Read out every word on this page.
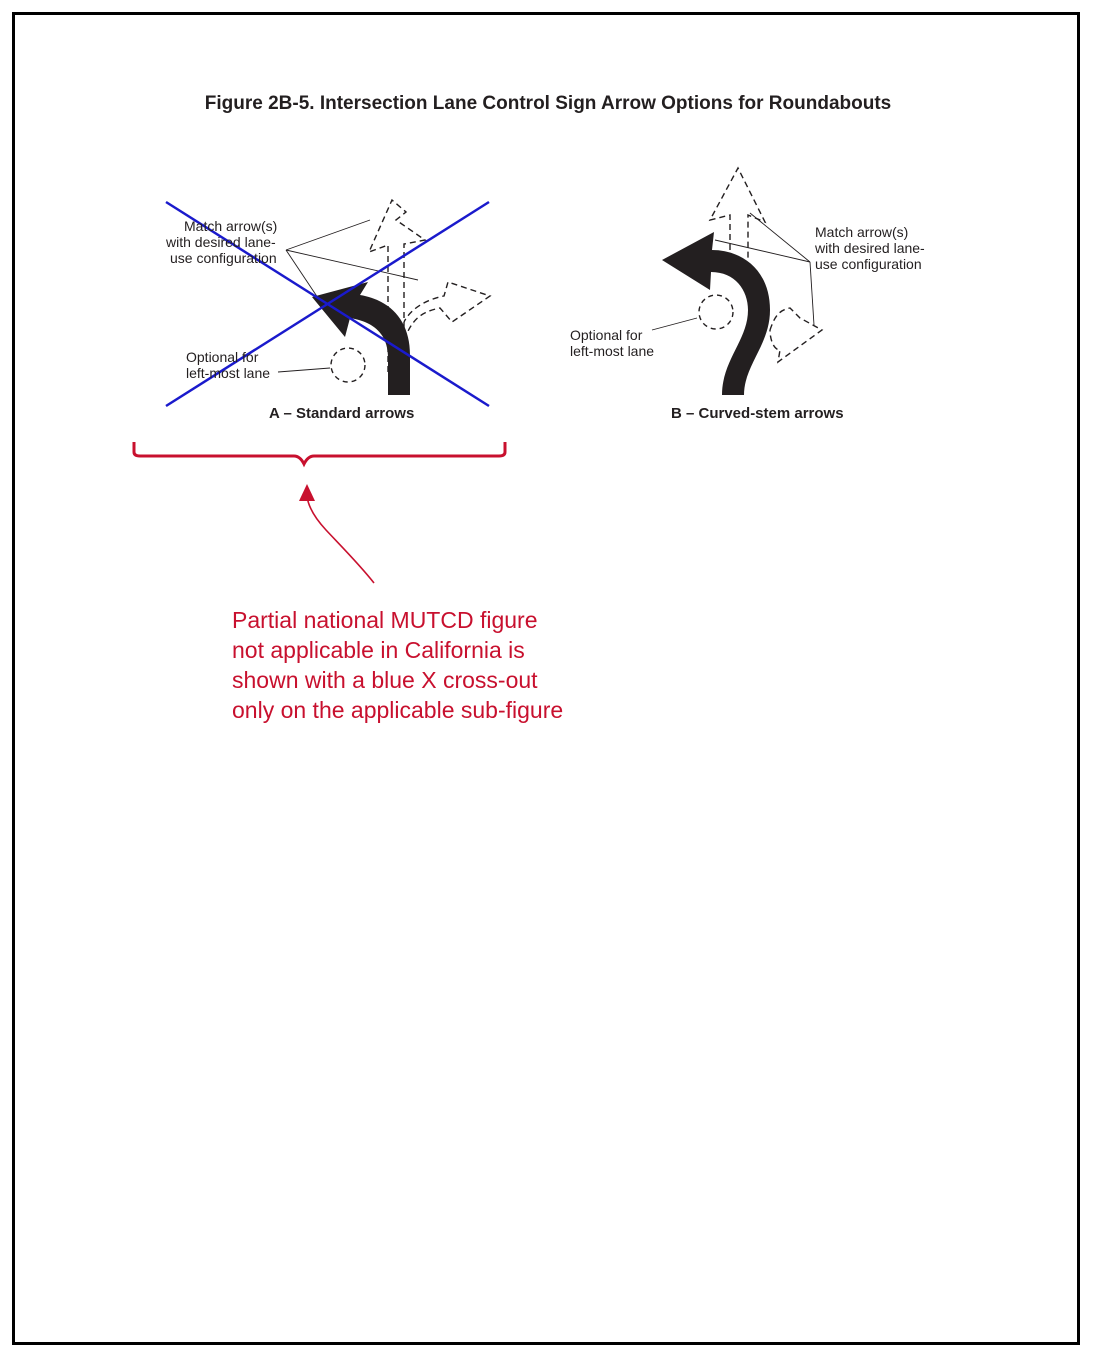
Figure 2B-5. Intersection Lane Control Sign Arrow Options for Roundabouts
Match arrow(s)
with desired lane-
use configuration
Optional for
left-most lane
A – Standard arrows
Match arrow(s)
with desired lane-
use configuration
Optional for
left-most lane
B – Curved-stem arrows
Partial national MUTCD figure
not applicable in California is
shown with a blue X cross-out
only on the applicable sub-figure
